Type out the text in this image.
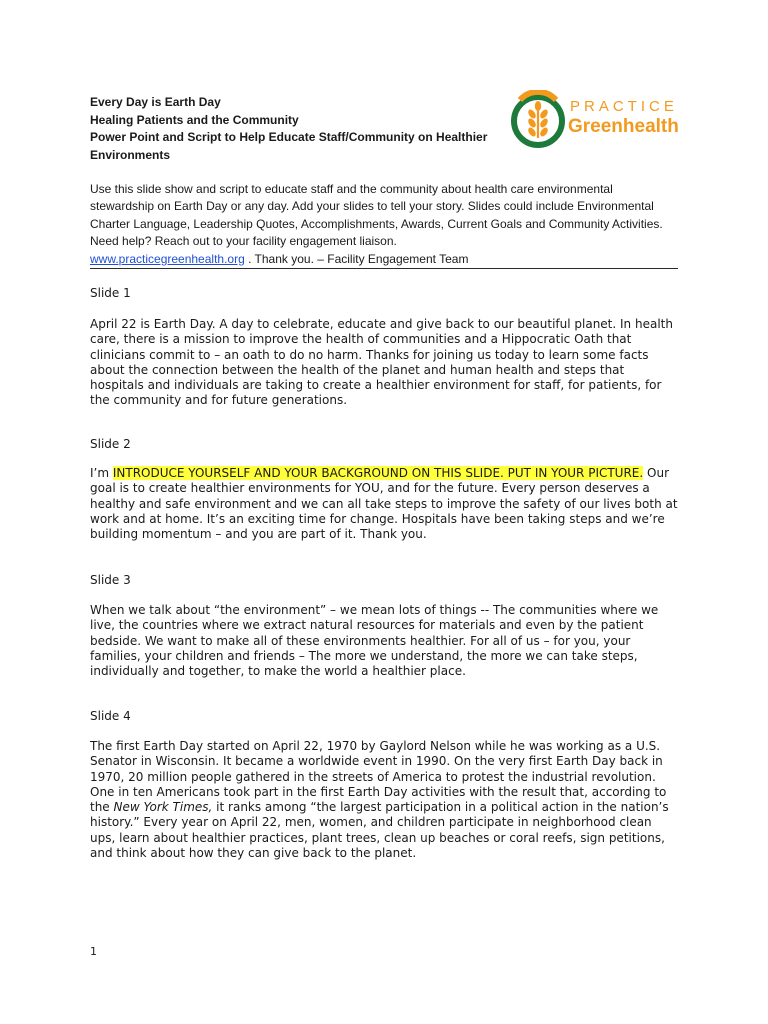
Every Day is Earth Day
Healing Patients and the Community
Power Point and Script to Help Educate Staff/Community on Healthier Environments
PRACTICE
Greenhealth
Use this slide show and script to educate staff and the community about health care environmental stewardship on Earth Day or any day. Add your slides to tell your story. Slides could include Environmental Charter Language, Leadership Quotes, Accomplishments, Awards, Current Goals and Community Activities. Need help? Reach out to your facility engagement liaison.
www.practicegreenhealth.org . Thank you. – Facility Engagement Team
Slide 1

April 22 is Earth Day. A day to celebrate, educate and give back to our beautiful planet. In health care, there is a mission to improve the health of communities and a Hippocratic Oath that clinicians commit to – an oath to do no harm. Thanks for joining us today to learn some facts about the connection between the health of the planet and human health and steps that hospitals and individuals are taking to create a healthier environment for staff, for patients, for the community and for future generations.

Slide 2

I’m INTRODUCE YOURSELF AND YOUR BACKGROUND ON THIS SLIDE. PUT IN YOUR PICTURE. Our goal is to create healthier environments for YOU, and for the future. Every person deserves a healthy and safe environment and we can all take steps to improve the safety of our lives both at work and at home. It’s an exciting time for change. Hospitals have been taking steps and we’re building momentum – and you are part of it. Thank you.

Slide 3

When we talk about “the environment” – we mean lots of things -- The communities where we live, the countries where we extract natural resources for materials and even by the patient bedside. We want to make all of these environments healthier. For all of us – for you, your families, your children and friends – The more we understand, the more we can take steps, individually and together, to make the world a healthier place.

Slide 4

The first Earth Day started on April 22, 1970 by Gaylord Nelson while he was working as a U.S. Senator in Wisconsin. It became a worldwide event in 1990. On the very first Earth Day back in 1970, 20 million people gathered in the streets of America to protest the industrial revolution. One in ten Americans took part in the first Earth Day activities with the result that, according to the New York Times, it ranks among “the largest participation in a political action in the nation’s history.” Every year on April 22, men, women, and children participate in neighborhood clean ups, learn about healthier practices, plant trees, clean up beaches or coral reefs, sign petitions, and think about how they can give back to the planet.

1
